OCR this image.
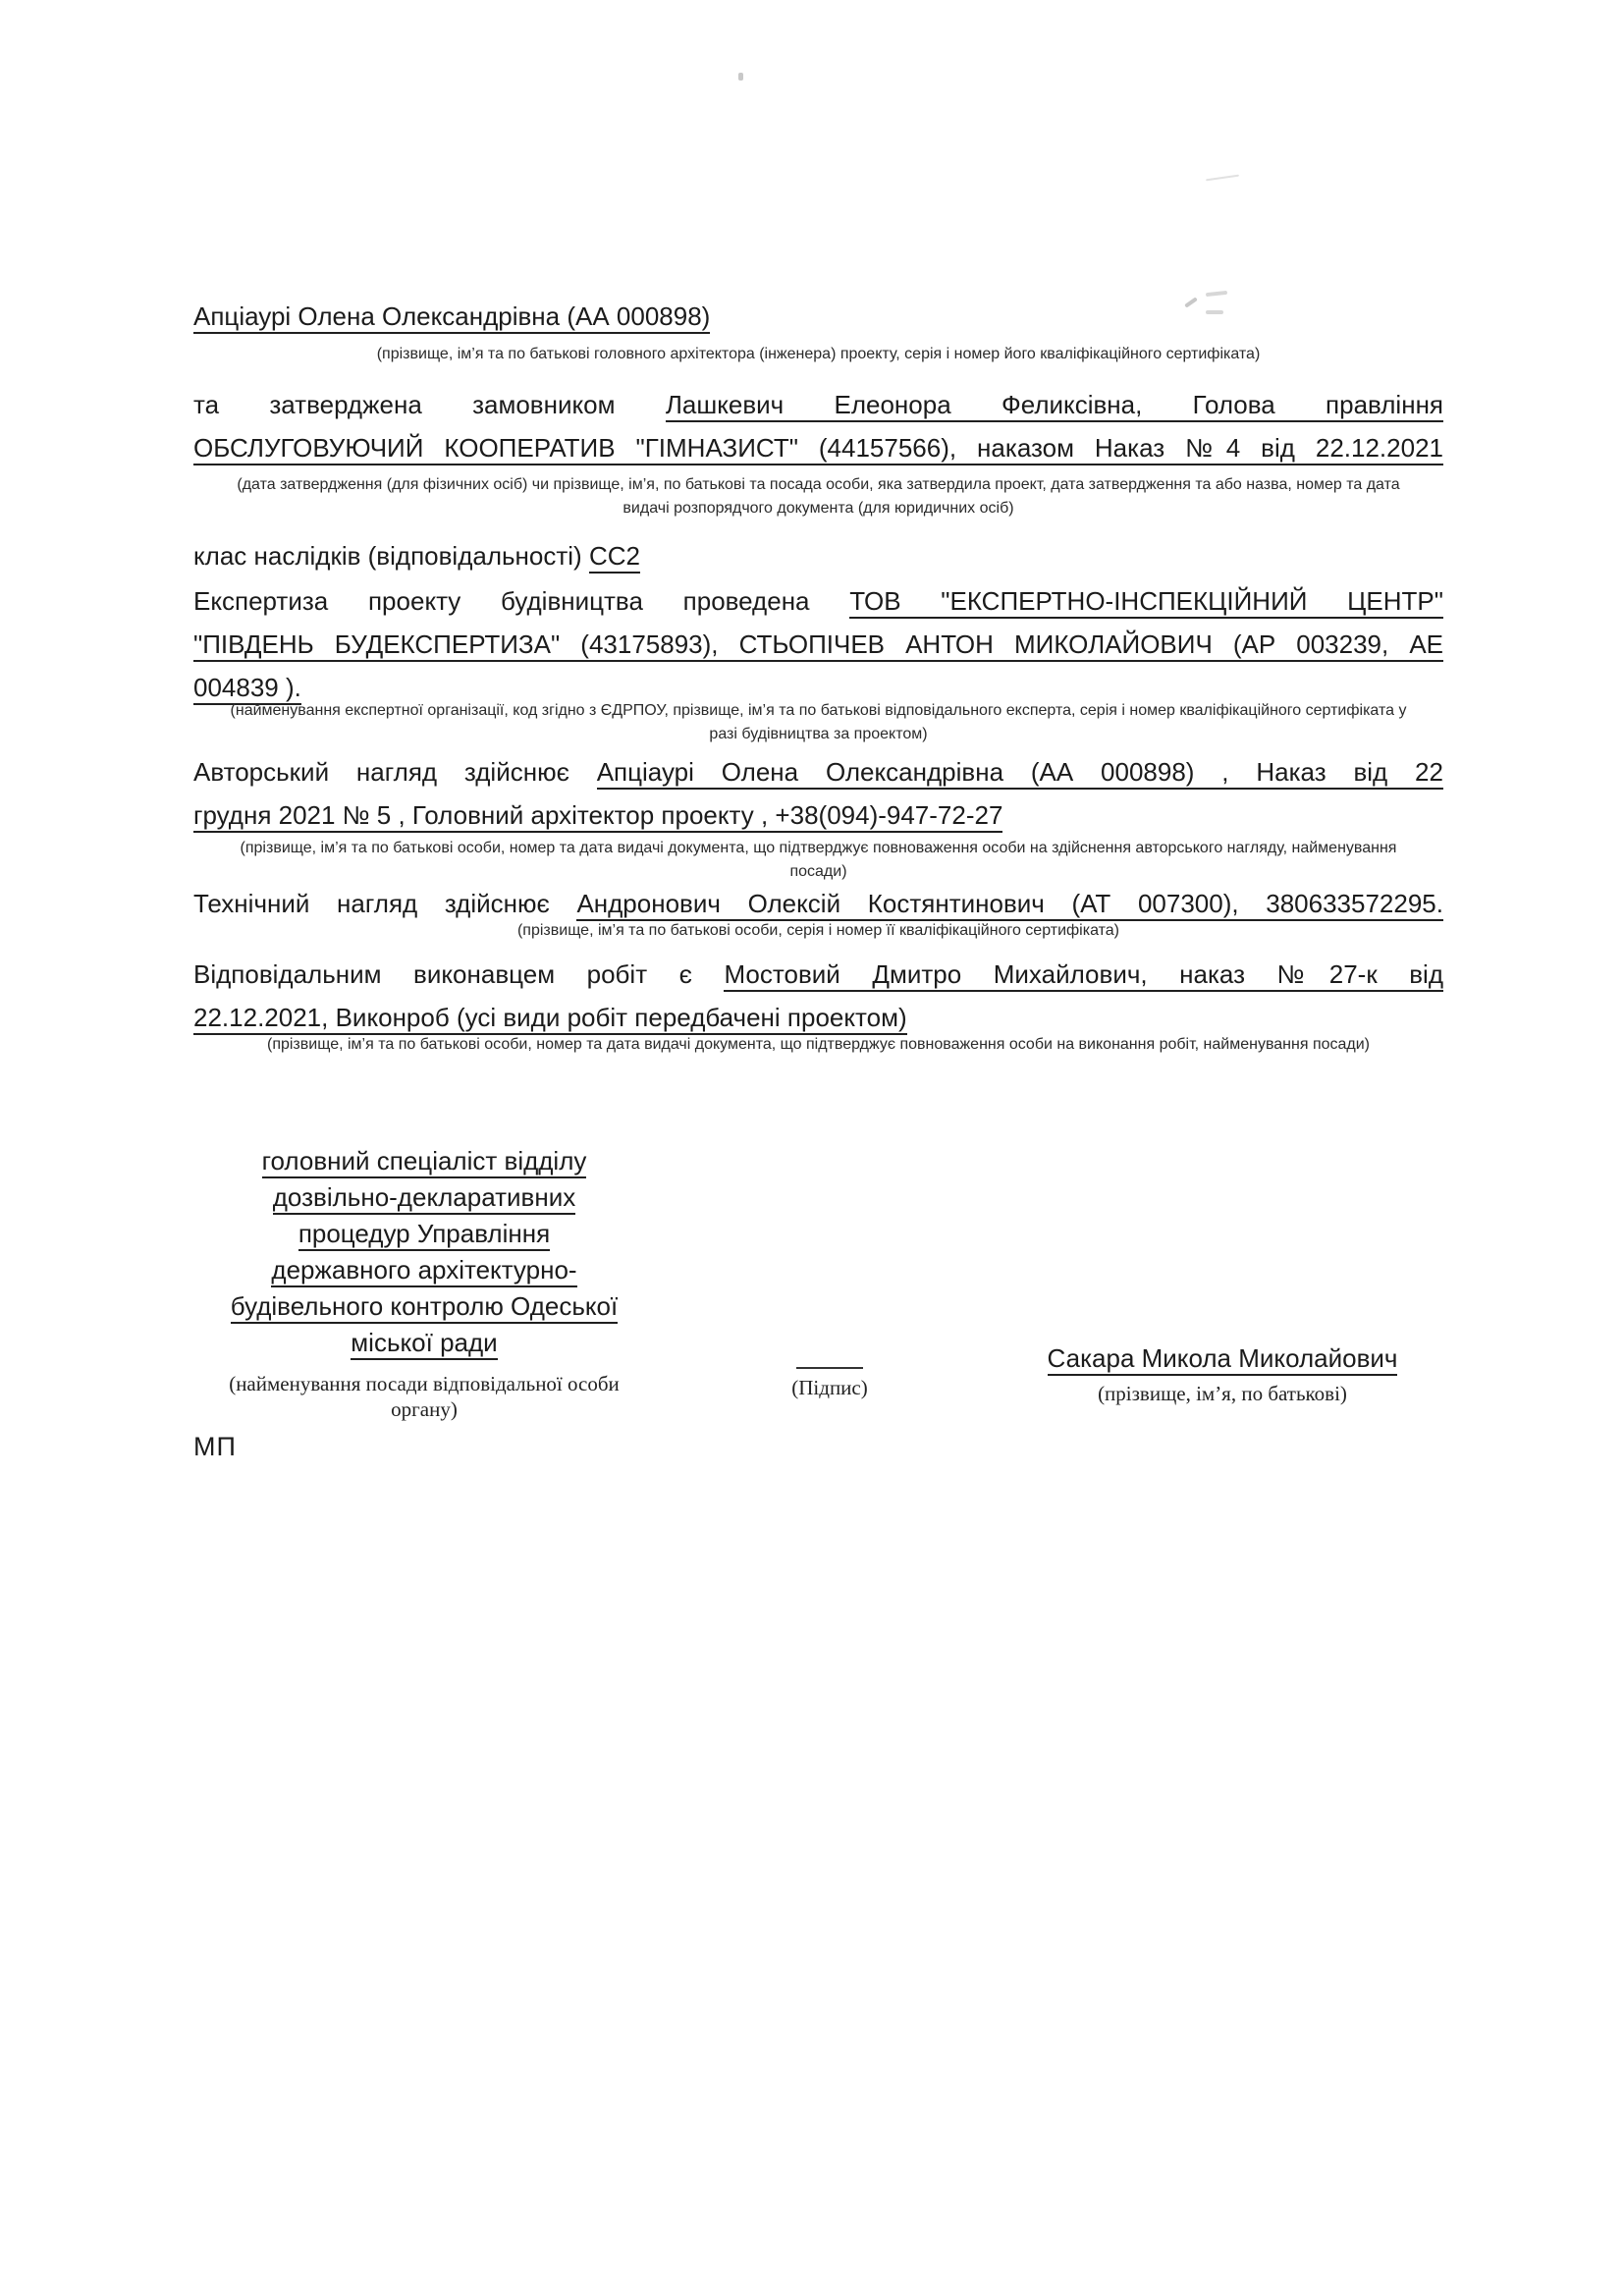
Апціаурі Олена Олександрівна (АА 000898)
(прізвище, ім’я та по батькові головного архітектора (інженера) проекту, серія і номер його кваліфікаційного сертифіката)
та затверджена замовником Лашкевич Елеонора Феликсівна, Голова правління
ОБСЛУГОВУЮЧИЙ КООПЕРАТИВ "ГІМНАЗИСТ" (44157566), наказом Наказ №4 від 22.12.2021
(дата затвердження (для фізичних осіб) чи прізвище, ім’я, по батькові та посада особи, яка затвердила проект, дата затвердження та або назва, номер та дата
видачі розпорядчого документа (для юридичних осіб)
клас наслідків (відповідальності) СС2
Експертиза проекту будівництва проведена ТОВ "ЕКСПЕРТНО-ІНСПЕКЦІЙНИЙ ЦЕНТР"
"ПІВДЕНЬ БУДЕКСПЕРТИЗА" (43175893), СТЬОПІЧЕВ АНТОН МИКОЛАЙОВИЧ (АР 003239, АЕ
004839 ).
(найменування експертної організації, код згідно з ЄДРПОУ, прізвище, ім’я та по батькові відповідального експерта, серія і номер кваліфікаційного сертифіката у
разі будівництва за проектом)
Авторський нагляд здійснює Апціаурі Олена Олександрівна (АА 000898) , Наказ від 22
грудня 2021 № 5 , Головний архітектор проекту , +38(094)-947-72-27
(прізвище, ім’я та по батькові особи, номер та дата видачі документа, що підтверджує повноваження особи на здійснення авторського нагляду, найменування
посади)
Технічний нагляд здійснює Андронович Олексій Костянтинович (АТ 007300), 380633572295.
(прізвище, ім’я та по батькові особи, серія і номер її кваліфікаційного сертифіката)
Відповідальним виконавцем робіт є Мостовий Дмитро Михайлович, наказ №27-к від
22.12.2021, Виконроб (усі види робіт передбачені проектом)
(прізвище, ім’я та по батькові особи, номер та дата видачі документа, що підтверджує повноваження особи на виконання робіт, найменування посади)
головний спеціаліст відділу
дозвільно-декларативних
процедур Управління
державного архітектурно-
будівельного контролю Одеської
міської ради
(найменування посади відповідальної особи
органу)
(Підпис)
Сакара Микола Миколайович
(прізвище, ім’я, по батькові)
МП
